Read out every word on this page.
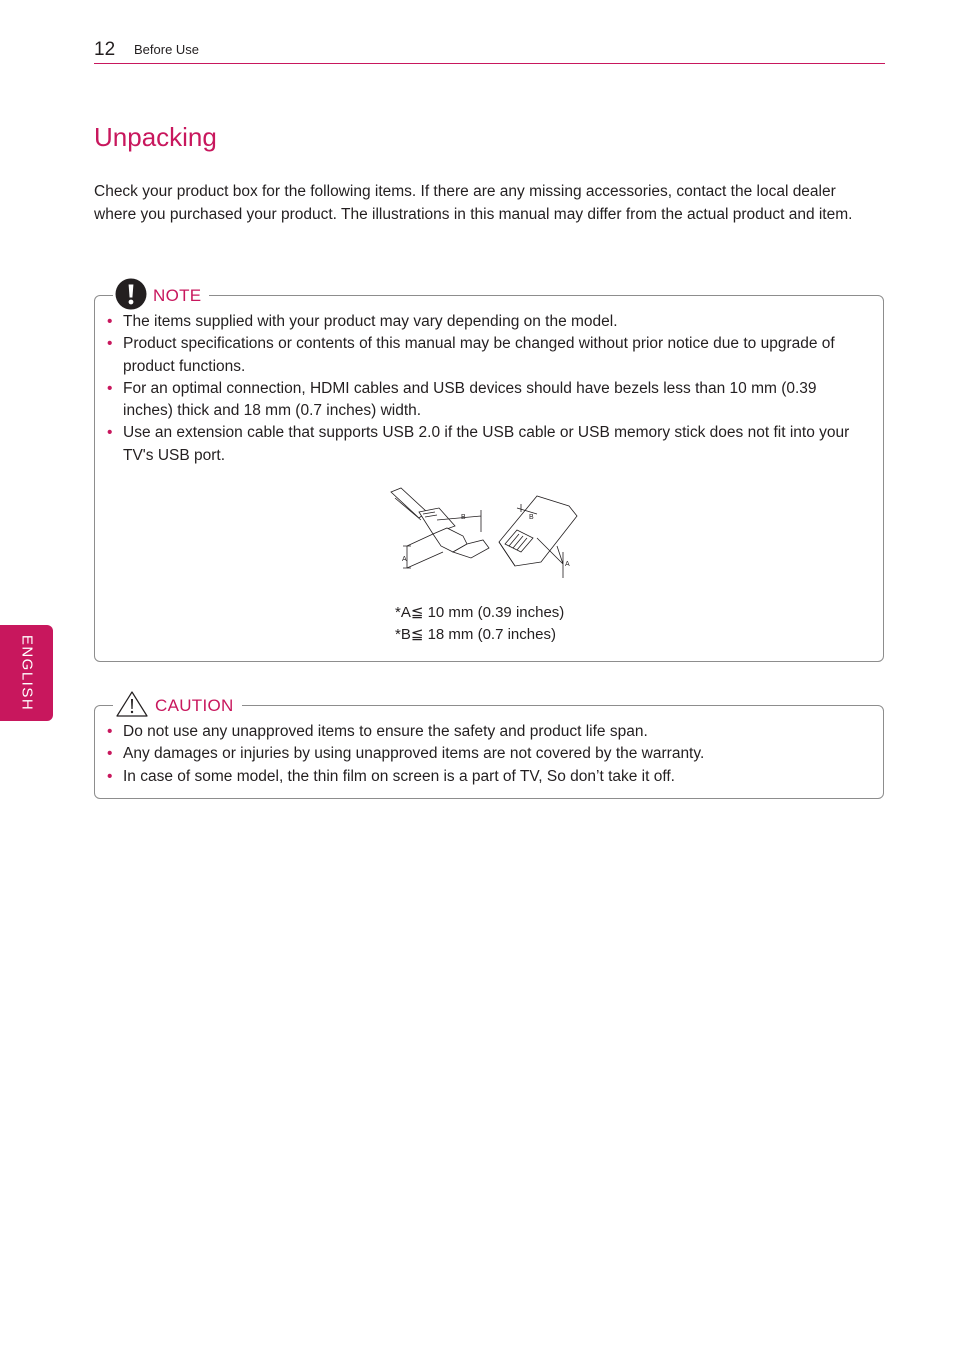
12 Before Use
Unpacking

Check your product box for the following items. If there are any missing accessories, contact the local dealer where you purchased your product. The illustrations in this manual may differ from the actual product and item.

NOTE
• The items supplied with your product may vary depending on the model.
• Product specifications or contents of this manual may be changed without prior notice due to upgrade of product functions.
• For an optimal connection, HDMI cables and USB devices should have bezels less than 10 mm (0.39 inches) thick and 18 mm (0.7 inches) width.
• Use an extension cable that supports USB 2.0 if the USB cable or USB memory stick does not fit into your TV's USB port.
A
B	B
A
*A≦ 10 mm (0.39 inches)
*B≦ 18 mm (0.7 inches)
CAUTION
• Do not use any unapproved items to ensure the safety and product life span.
• Any damages or injuries by using unapproved items are not covered by the warranty.
• In case of some model, the thin film on screen is a part of TV, So don’t take it off.
ENGLISH
